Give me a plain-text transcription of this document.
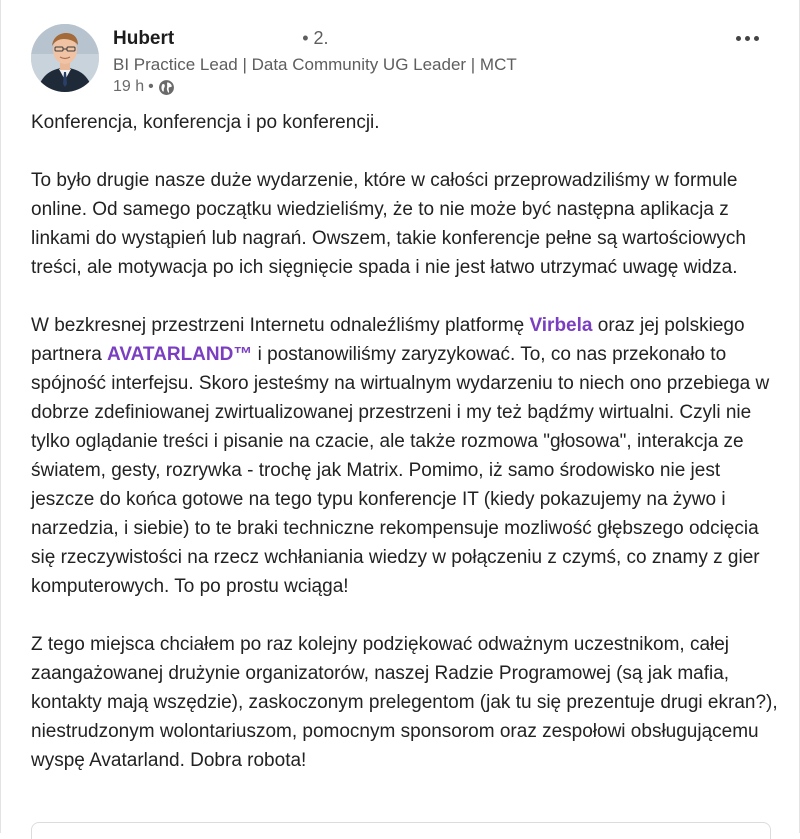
Hubert	• 2.
BI Practice Lead | Data Community UG Leader | MCT
19 h •

Konferencja, konferencja i po konferencji.

To było drugie nasze duże wydarzenie, które w całości przeprowadziliśmy w formule online. Od samego początku wiedzieliśmy, że to nie może być następna aplikacja z linkami do wystąpień lub nagrań. Owszem, takie konferencje pełne są wartościowych treści, ale motywacja po ich sięgnięcie spada i nie jest łatwo utrzymać uwagę widza.

W bezkresnej przestrzeni Internetu odnaleźliśmy platformę Virbela oraz jej polskiego partnera AVATARLAND™ i postanowiliśmy zaryzykować. To, co nas przekonało to spójność interfejsu. Skoro jesteśmy na wirtualnym wydarzeniu to niech ono przebiega w dobrze zdefiniowanej zwirtualizowanej przestrzeni i my też bądźmy wirtualni. Czyli nie tylko oglądanie treści i pisanie na czacie, ale także rozmowa "głosowa", interakcja ze światem, gesty, rozrywka - trochę jak Matrix. Pomimo, iż samo środowisko nie jest jeszcze do końca gotowe na tego typu konferencje IT (kiedy pokazujemy na żywo i narzedzia, i siebie) to te braki techniczne rekompensuje mozliwość głębszego odcięcia się rzeczywistości na rzecz wchłaniania wiedzy w połączeniu z czymś, co znamy z gier komputerowych. To po prostu wciąga!

Z tego miejsca chciałem po raz kolejny podziękować odważnym uczestnikom, całej zaangażowanej drużynie organizatorów, naszej Radzie Programowej (są jak mafia, kontakty mają wszędzie), zaskoczonym prelegentom (jak tu się prezentuje drugi ekran?), niestrudzonym wolontariuszom, pomocnym sponsorom oraz zespołowi obsługującemu wyspę Avatarland. Dobra robota!
